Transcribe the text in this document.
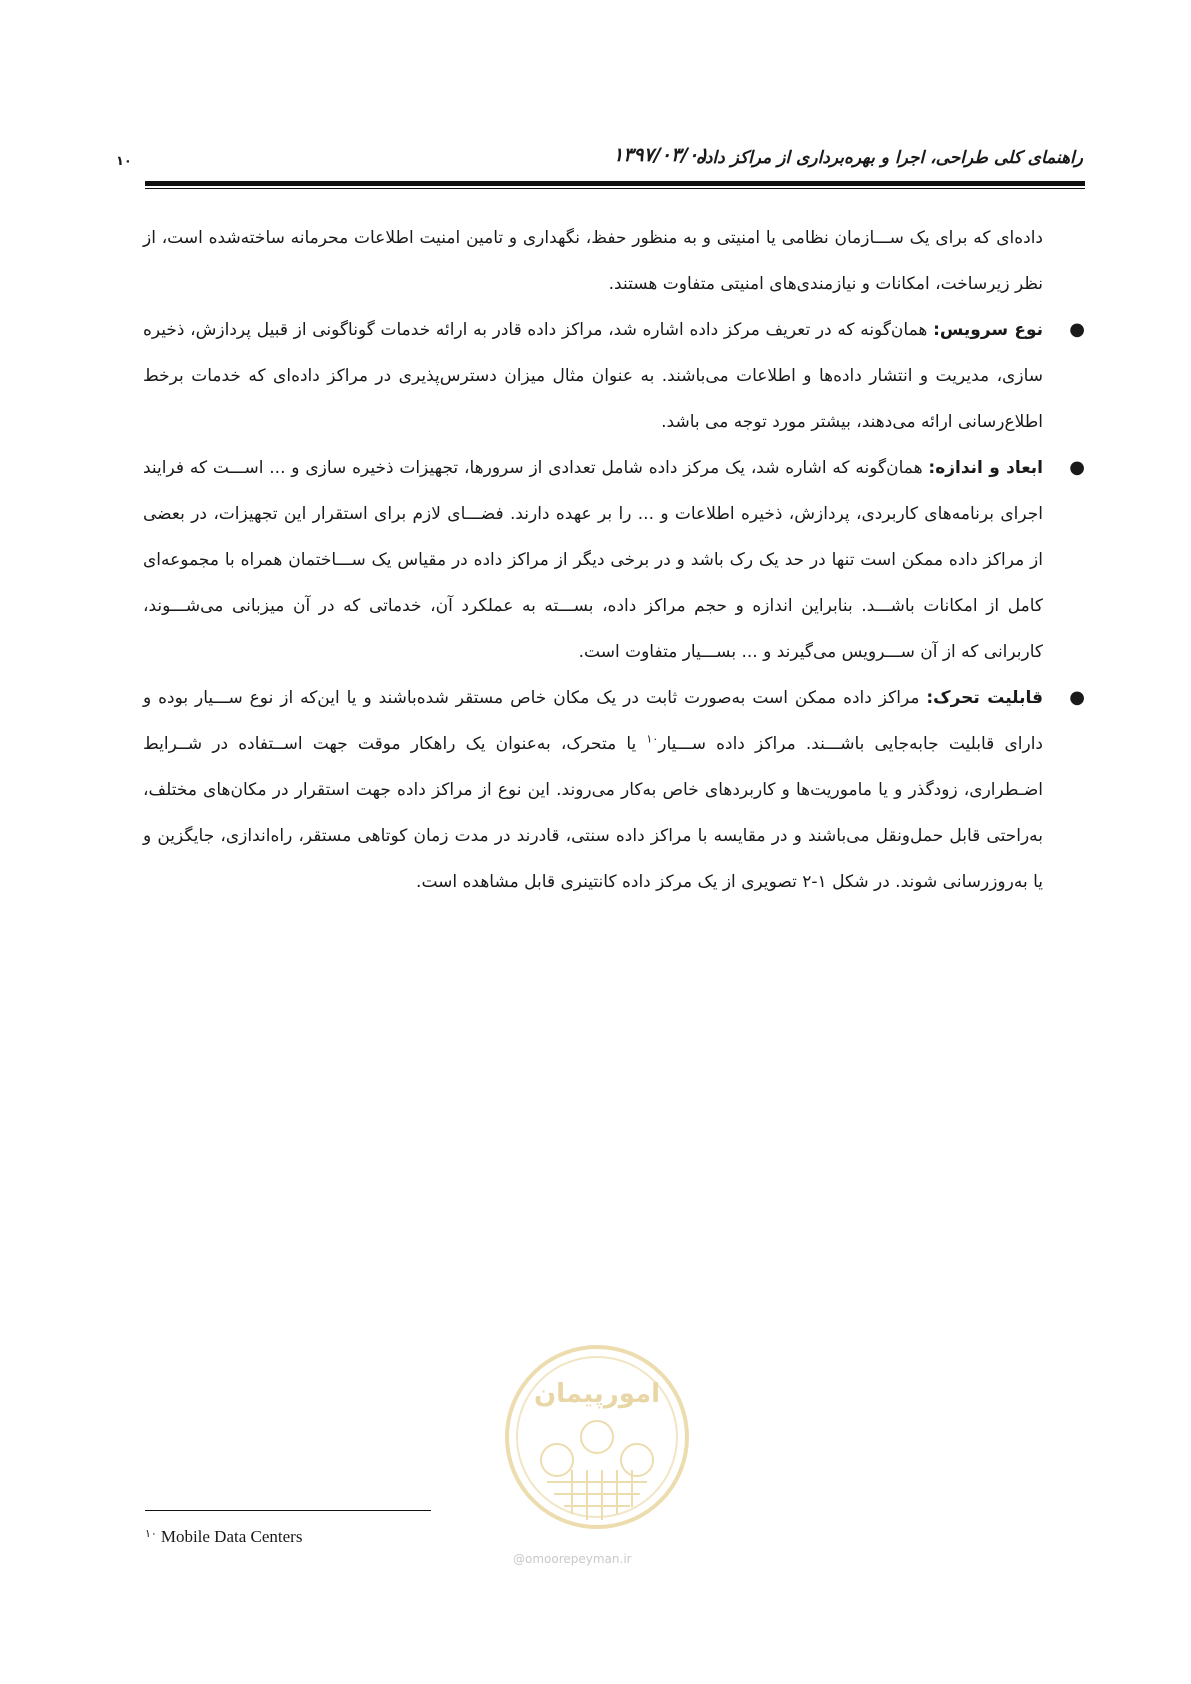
راهنمای کلی طراحی، اجرا و بهره‌برداری از مراکز داده
۱۳۹۷/۰۳/۰۱
۱۰

داده‌ای که برای یک ســـازمان نظامی یا امنیتی و به منظور حفظ، نگهداری و تامین امنیت اطلاعات محرمانه ساخته‌شده است، از نظر زیرساخت، امکانات و نیازمندی‌های امنیتی متفاوت هستند.

●
نوع سرویس: همان‌گونه که در تعریف مرکز داده اشاره شد، مراکز داده قادر به ارائه خدمات گوناگونی از قبیل پردازش، ذخیره سازی، مدیریت و انتشار داده‌ها و اطلاعات می‌باشند. به عنوان مثال میزان دسترس‌پذیری در مراکز داده‌ای که خدمات برخط اطلاع‌رسانی ارائه می‌دهند، بیشتر مورد توجه می باشد.
●
ابعاد و اندازه: همان‌گونه که اشاره شد، یک مرکز داده شامل تعدادی از سرورها، تجهیزات ذخیره سازی و ... اســـت که فرایند اجرای برنامه‌های کاربردی، پردازش، ذخیره اطلاعات و ... را بر عهده دارند. فضـــای لازم برای استقرار این تجهیزات، در بعضی از مراکز داده ممکن است تنها در حد یک رک باشد و در برخی دیگر از مراکز داده در مقیاس یک ســـاختمان همراه با مجموعه‌ای کامل از امکانات باشـــد. بنابراین اندازه و حجم مراکز داده، بســـته به عملکرد آن، خدماتی که در آن میزبانی می‌شـــوند، کاربرانی که از آن ســـرویس می‌گیرند و ... بســـیار متفاوت است.
●
قابلیت تحرک: مراکز داده ممکن است به‌صورت ثابت در یک مکان خاص مستقر شده‌باشند و یا این‌که از نوع ســـیار بوده و دارای قابلیت جابه‌جایی باشـــند. مراکز داده ســـیار$^{۱۰}$ یا متحرک، به‌عنوان یک راهکار موقت جهت اســتفاده در شــرایط اضـطراری، زودگذر و یا ماموریت‌ها و کاربردهای خاص به‌کار می‌روند. این نوع از مراکز داده جهت استقرار در مکان‌های مختلف، به‌راحتی قابل حمل‌ونقل می‌باشند و در مقایسه با مراکز داده سنتی، قادرند در مدت زمان کوتاهی مستقر، راه‌اندازی، جایگزین و یا به‌روزرسانی شوند. در شکل ۱-۲ تصویری از یک مرکز داده کانتینری قابل مشاهده است.
امورپیمان
@omoorepeyman.ir
$^{۱۰}$ Mobile Data Centers
